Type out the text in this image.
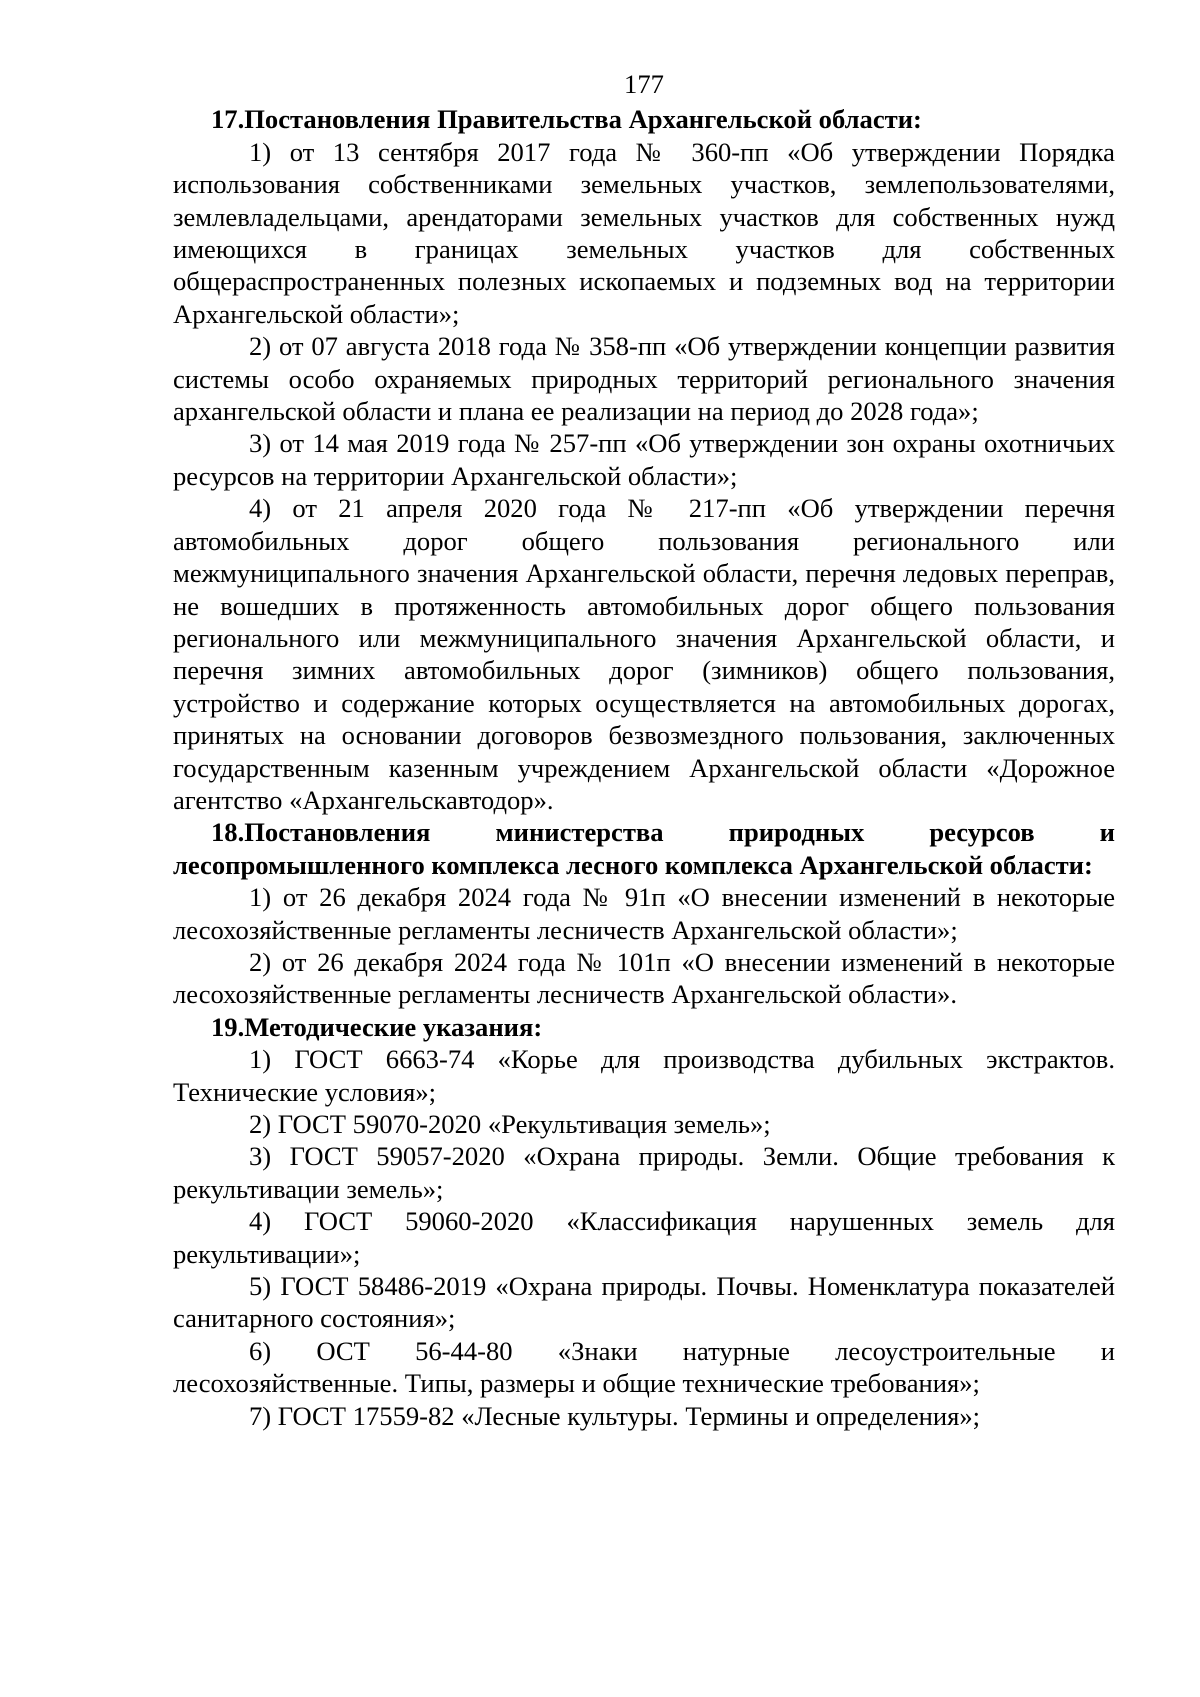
177
17.Постановления Правительства Архангельской области:
1) от 13 сентября 2017 года № 360-пп «Об утверждении Порядка использования собственниками земельных участков, землепользователями, землевладельцами, арендаторами земельных участков для собственных нужд имеющихся в границах земельных участков для собственных общераспространенных полезных ископаемых и подземных вод на территории Архангельской области»;
2) от 07 августа 2018 года № 358-пп «Об утверждении концепции развития системы особо охраняемых природных территорий регионального значения архангельской области и плана ее реализации на период до 2028 года»;
3) от 14 мая 2019 года № 257-пп «Об утверждении зон охраны охотничьих ресурсов на территории Архангельской области»;
4) от 21 апреля 2020 года № 217-пп «Об утверждении перечня автомобильных дорог общего пользования регионального или межмуниципального значения Архангельской области, перечня ледовых переправ, не вошедших в протяженность автомобильных дорог общего пользования регионального или межмуниципального значения Архангельской области, и перечня зимних автомобильных дорог (зимников) общего пользования, устройство и содержание которых осуществляется на автомобильных дорогах, принятых на основании договоров безвозмездного пользования, заключенных государственным казенным учреждением Архангельской области «Дорожное агентство «Архангельскавтодор».
18.Постановления министерства природных ресурсов и лесопромышленного комплекса лесного комплекса Архангельской области:
1) от 26 декабря 2024 года № 91п «О внесении изменений в некоторые лесохозяйственные регламенты лесничеств Архангельской области»;
2) от 26 декабря 2024 года № 101п «О внесении изменений в некоторые лесохозяйственные регламенты лесничеств Архангельской области».
19.Методические указания:
1) ГОСТ 6663-74 «Корье для производства дубильных экстрактов. Технические условия»;
2) ГОСТ 59070-2020 «Рекультивация земель»;
3) ГОСТ 59057-2020 «Охрана природы. Земли. Общие требования к рекультивации земель»;
4) ГОСТ 59060-2020 «Классификация нарушенных земель для рекультивации»;
5) ГОСТ 58486-2019 «Охрана природы. Почвы. Номенклатура показателей санитарного состояния»;
6) ОСТ 56-44-80 «Знаки натурные лесоустроительные и лесохозяйственные. Типы, размеры и общие технические требования»;
7) ГОСТ 17559-82 «Лесные культуры. Термины и определения»;
